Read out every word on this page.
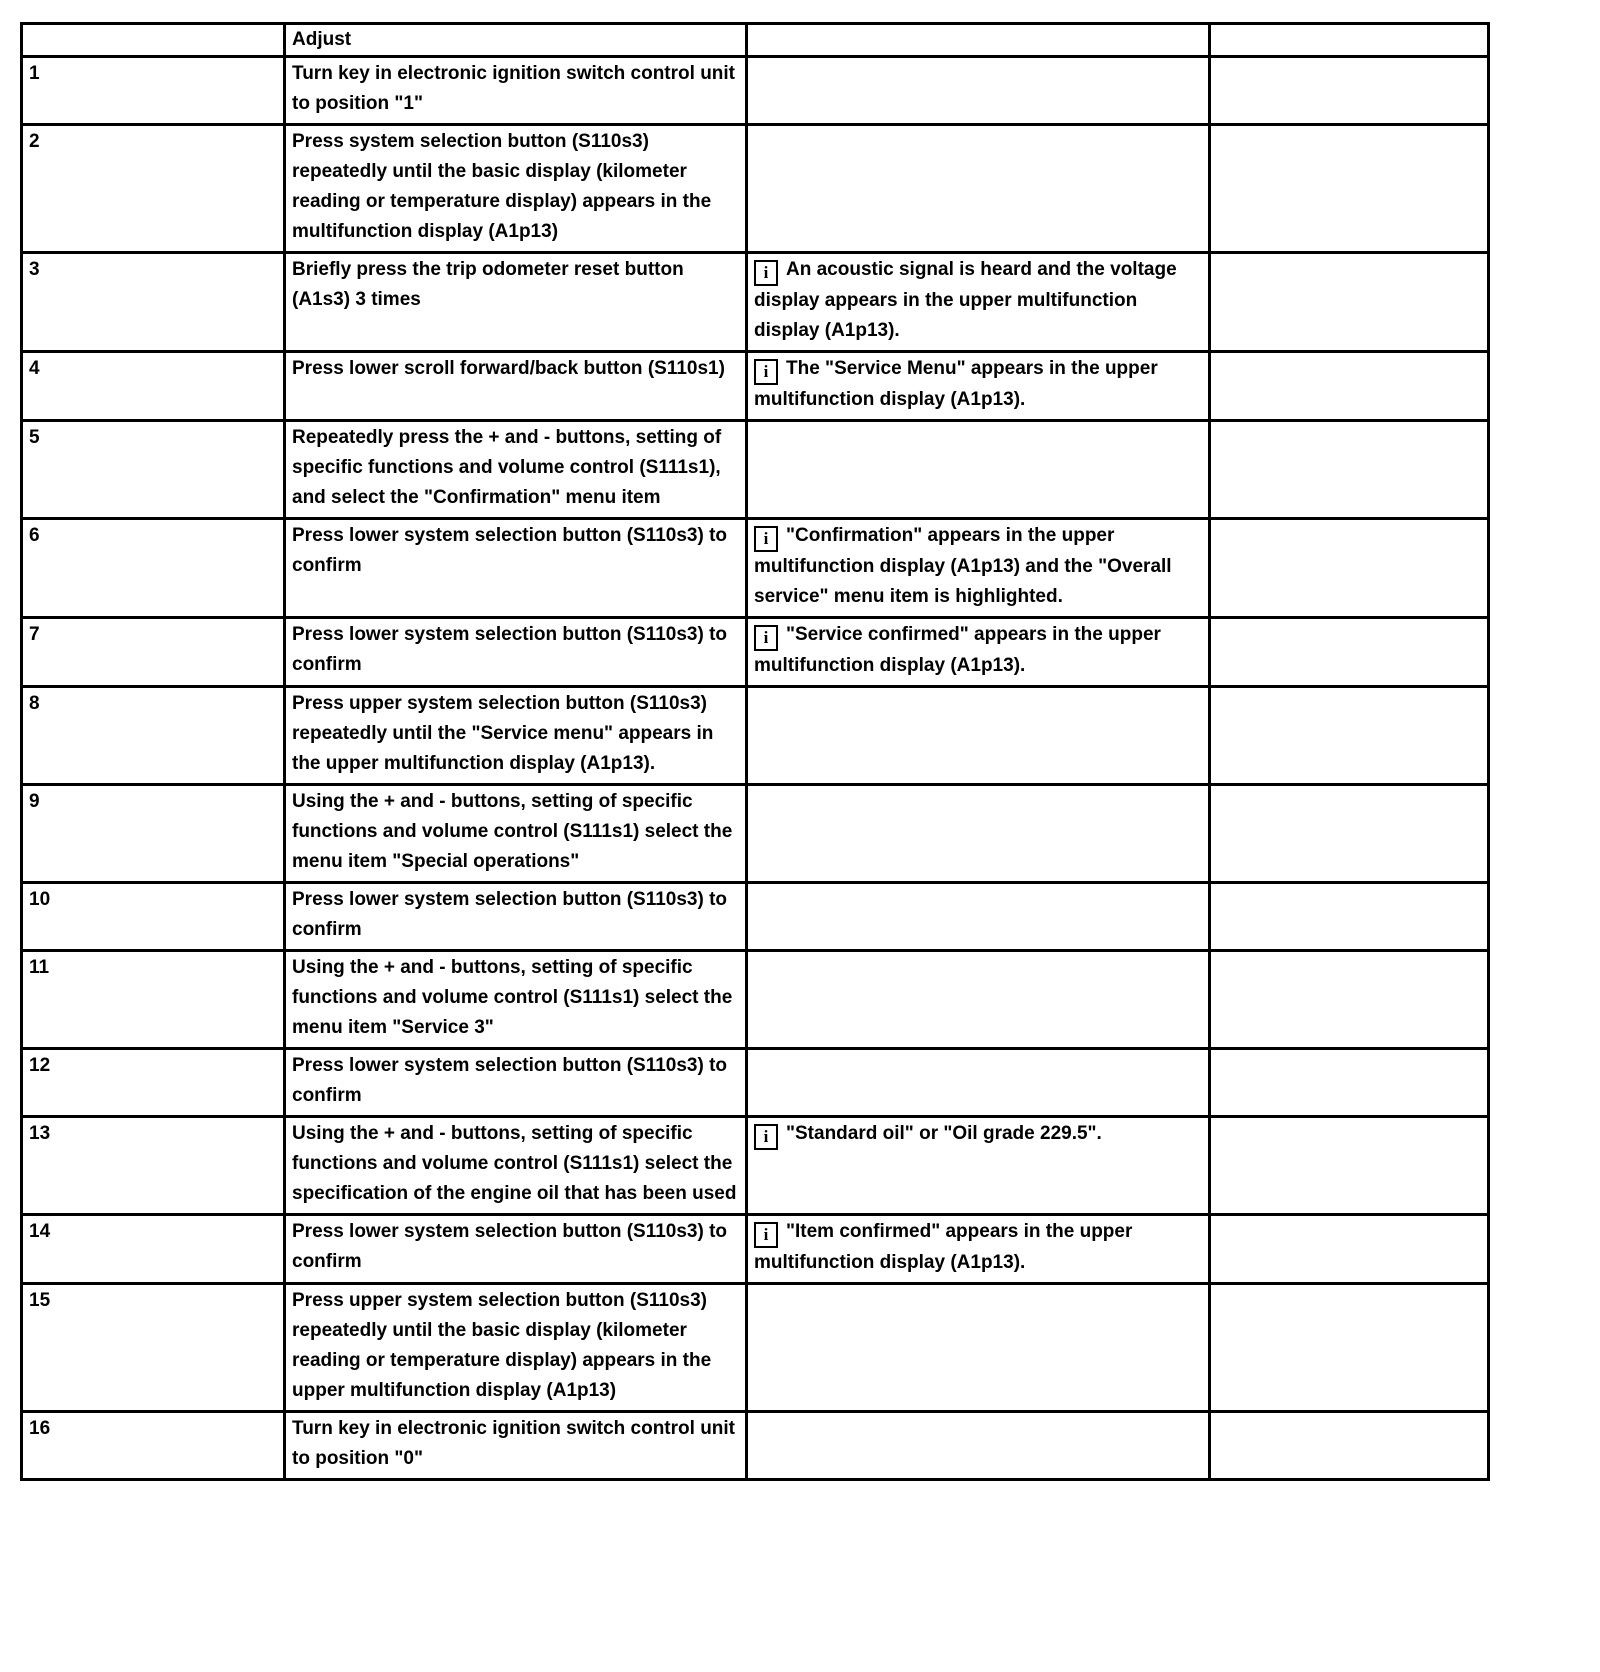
	Adjust		
1	Turn key in electronic ignition switch control unit to position "1"		
2	Press system selection button (S110s3) repeatedly until the basic display (kilometer reading or temperature display) appears in the multifunction display (A1p13)		
3	Briefly press the trip odometer reset button (A1s3) 3 times	i An acoustic signal is heard and the voltage display appears in the upper multifunction display (A1p13).	
4	Press lower scroll forward/back button (S110s1)	i The "Service Menu" appears in the upper multifunction display (A1p13).	
5	Repeatedly press the + and - buttons, setting of specific functions and volume control (S111s1), and select the "Confirmation" menu item		
6	Press lower system selection button (S110s3) to confirm	i "Confirmation" appears in the upper multifunction display (A1p13) and the "Overall service" menu item is highlighted.	
7	Press lower system selection button (S110s3) to confirm	i "Service confirmed" appears in the upper multifunction display (A1p13).	
8	Press upper system selection button (S110s3) repeatedly until the "Service menu" appears in the upper multifunction display (A1p13).		
9	Using the + and - buttons, setting of specific functions and volume control (S111s1) select the menu item "Special operations"		
10	Press lower system selection button (S110s3) to confirm		
11	Using the + and - buttons, setting of specific functions and volume control (S111s1) select the menu item "Service 3"		
12	Press lower system selection button (S110s3) to confirm		
13	Using the + and - buttons, setting of specific functions and volume control (S111s1) select the specification of the engine oil that has been used	i "Standard oil" or "Oil grade 229.5".	
14	Press lower system selection button (S110s3) to confirm	i "Item confirmed" appears in the upper multifunction display (A1p13).	
15	Press upper system selection button (S110s3) repeatedly until the basic display (kilometer reading or temperature display) appears in the upper multifunction display (A1p13)		
16	Turn key in electronic ignition switch control unit to position "0"		
